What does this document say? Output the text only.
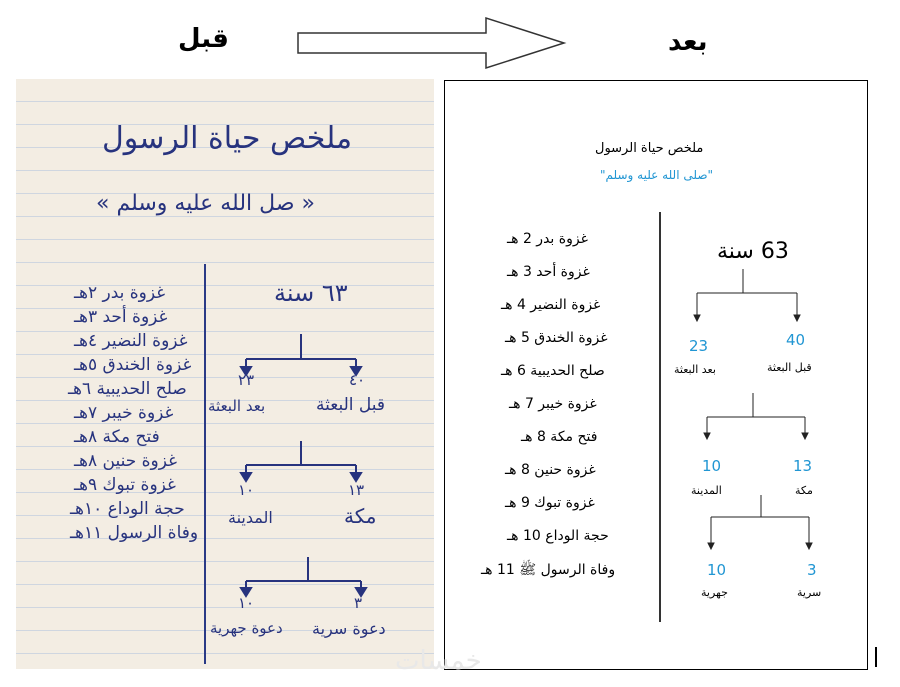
قبل	بعد
ملخص حياة الرسول
« صل الله عليه وسلم »
غزوة بدر ٢هـ
غزوة أحد ٣هـ
غزوة النضير ٤هـ
غزوة الخندق ٥هـ
صلح الحديبية ٦هـ
غزوة خيبر ٧هـ
فتح مكة ٨هـ
غزوة حنين ٨هـ
غزوة تبوك ٩هـ
حجة الوداع ١٠هـ
وفاة الرسول ١١هـ
٦٣ سنة
٤٠
٢٣
قبل البعثة
بعد البعثة
١٣
١٠
مكة
المدينة
٣
١٠
دعوة سرية
دعوة جهرية
ملخص حياة الرسول
"صلى الله عليه وسلم"
غزوة بدر 2 هـ
غزوة أحد 3 هـ
غزوة النضير 4 هـ
غزوة الخندق 5 هـ
صلح الحديبية 6 هـ
غزوة خيبر 7 هـ
فتح مكة 8 هـ
غزوة حنين 8 هـ
غزوة تبوك 9 هـ
حجة الوداع 10 هـ
وفاة الرسول ﷺ 11 هـ
63 سنة
40
23
قبل البعثة
بعد البعثة
13
10
مكة
المدينة
3
10
سرية
جهرية
خمسات
